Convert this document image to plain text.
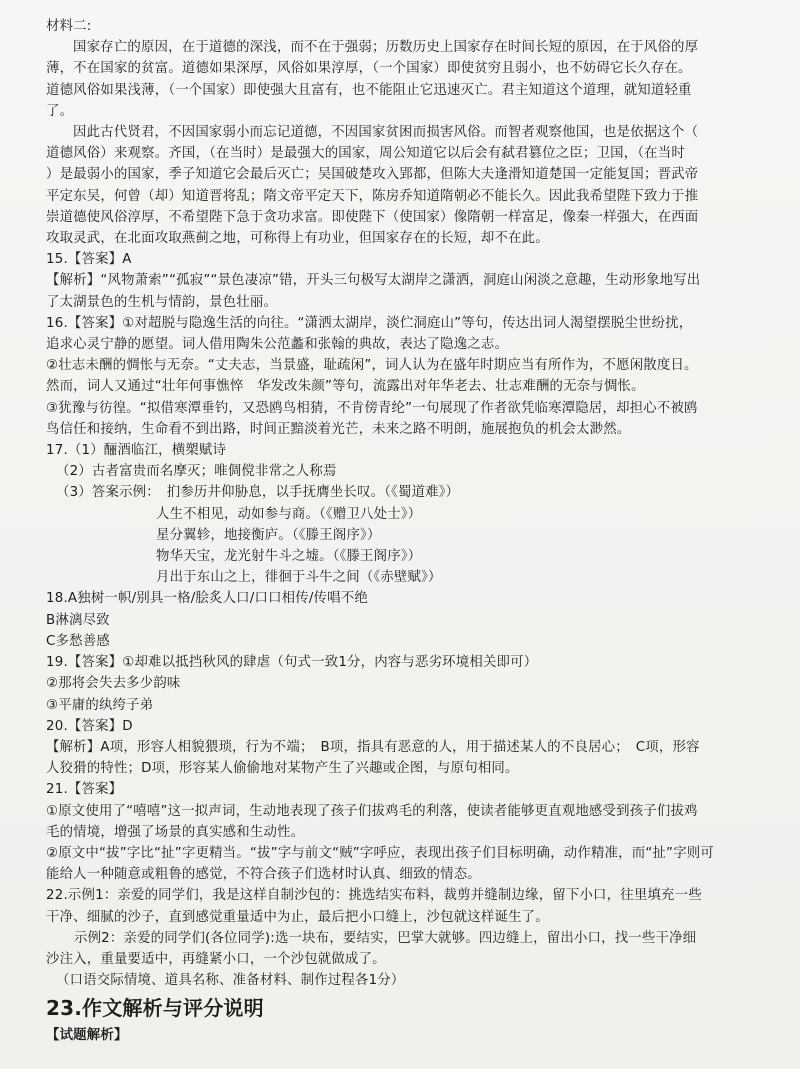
材料二:
国家存亡的原因，在于道德的深浅，而不在于强弱；历数历史上国家存在时间长短的原因，在于风俗的厚
薄，不在国家的贫富。道德如果深厚，风俗如果淳厚，（一个国家）即使贫穷且弱小，也不妨碍它长久存在。
道德风俗如果浅薄，（一个国家）即使强大且富有，也不能阻止它迅速灭亡。君主知道这个道理，就知道轻重
了。
因此古代贤君，不因国家弱小而忘记道德，不因国家贫困而损害风俗。而智者观察他国，也是依据这个（
道德风俗）来观察。齐国，（在当时）是最强大的国家，周公知道它以后会有弑君篡位之臣；卫国，（在当时
）是最弱小的国家，季子知道它会最后灭亡；吴国破楚攻入郢都，但陈大夫逢滑知道楚国一定能复国；晋武帝
平定东吴，何曾（却）知道晋将乱；隋文帝平定天下，陈房乔知道隋朝必不能长久。因此我希望陛下致力于推
崇道德使风俗淳厚，不希望陛下急于贪功求富。即使陛下（使国家）像隋朝一样富足，像秦一样强大，在西面
攻取灵武，在北面攻取燕蓟之地，可称得上有功业，但国家存在的长短，却不在此。
15.【答案】A
【解析】“风物萧索”“孤寂”“景色凄凉”错，开头三句极写太湖岸之潇洒，洞庭山闲淡之意趣，生动形象地写出
了太湖景色的生机与情韵，景色壮丽。
16.【答案】①对超脱与隐逸生活的向往。“潇洒太湖岸，淡伫洞庭山”等句，传达出词人渴望摆脱尘世纷扰，
追求心灵宁静的愿望。词人借用陶朱公范蠡和张翰的典故，表达了隐逸之志。
②壮志未酬的惆怅与无奈。“丈夫志，当景盛，耻疏闲”，词人认为在盛年时期应当有所作为，不愿闲散度日。
然而，词人又通过“壮年何事憔悴　华发改朱颜”等句，流露出对年华老去、壮志难酬的无奈与惆怅。
③犹豫与彷徨。“拟借寒潭垂钓，又恐鸥鸟相猜，不肯傍青纶”一句展现了作者欲凭临寒潭隐居，却担心不被鸥
鸟信任和接纳，生命看不到出路，时间正黯淡着光芒，未来之路不明朗，施展抱负的机会太渺然。
17.（1）酾酒临江，横槊赋诗
（2）古者富贵而名摩灭；唯倜傥非常之人称焉
（3）答案示例：　扪参历井仰胁息，以手抚膺坐长叹。（《蜀道难》）
人生不相见，动如参与商。（《赠卫八处士》）
星分翼轸，地接衡庐。（《滕王阁序》）
物华天宝，龙光射牛斗之墟。（《滕王阁序》）
月出于东山之上，徘徊于斗牛之间（《赤壁赋》）
18.A独树一帜/别具一格/脍炙人口/口口相传/传唱不绝
B淋漓尽致
C多愁善感
19.【答案】①却难以抵挡秋风的肆虐（句式一致1分，内容与恶劣环境相关即可）
②那将会失去多少韵味
③平庸的纨绔子弟
20.【答案】D
【解析】A项，形容人相貌猥琐，行为不端；　B项，指具有恶意的人，用于描述某人的不良居心；　C项，形容
人狡猾的特性；D项，形容某人偷偷地对某物产生了兴趣或企图，与原句相同。
21.【答案】
①原文使用了“嘻嘻”这一拟声词，生动地表现了孩子们拔鸡毛的利落，使读者能够更直观地感受到孩子们拔鸡
毛的情境，增强了场景的真实感和生动性。
②原文中“拔”字比“扯”字更精当。“拔”字与前文“贼”字呼应，表现出孩子们目标明确，动作精准，而“扯”字则可
能给人一种随意或粗鲁的感觉，不符合孩子们选材时认真、细致的情态。
22.示例1：亲爱的同学们，我是这样自制沙包的：挑选结实布料，裁剪并缝制边缘，留下小口，往里填充一些
干净、细腻的沙子，直到感觉重量适中为止，最后把小口缝上，沙包就这样诞生了。
示例2：亲爱的同学们(各位同学):选一块布，要结实，巴掌大就够。四边缝上，留出小口，找一些干净细
沙注入，重量要适中，再缝紧小口，一个沙包就做成了。
（口语交际情境、道具名称、准备材料、制作过程各1分）
23.作文解析与评分说明
【试题解析】
